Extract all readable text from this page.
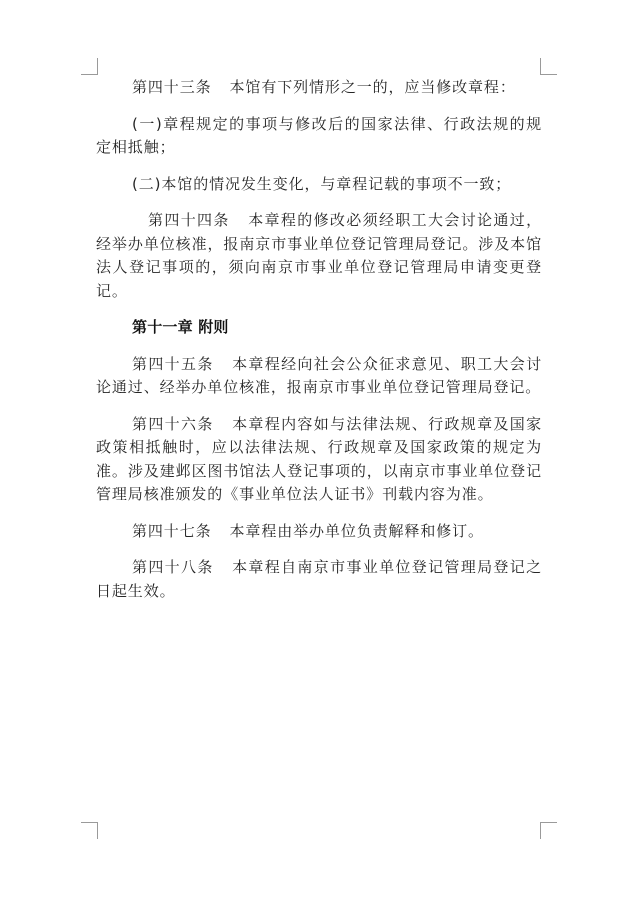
第四十三条 本馆有下列情形之一的，应当修改章程：

(一)章程规定的事项与修改后的国家法律、行政法规的规定相抵触；

(二)本馆的情况发生变化，与章程记载的事项不一致；

第四十四条 本章程的修改必须经职工大会讨论通过，经举办单位核准，报南京市事业单位登记管理局登记。涉及本馆法人登记事项的，须向南京市事业单位登记管理局申请变更登记。

第十一章 附则

第四十五条 本章程经向社会公众征求意见、职工大会讨论通过、经举办单位核准，报南京市事业单位登记管理局登记。

第四十六条 本章程内容如与法律法规、行政规章及国家政策相抵触时，应以法律法规、行政规章及国家政策的规定为准。涉及建邺区图书馆法人登记事项的，以南京市事业单位登记管理局核准颁发的《事业单位法人证书》刊载内容为准。

第四十七条 本章程由举办单位负责解释和修订。

第四十八条 本章程自南京市事业单位登记管理局登记之日起生效。
